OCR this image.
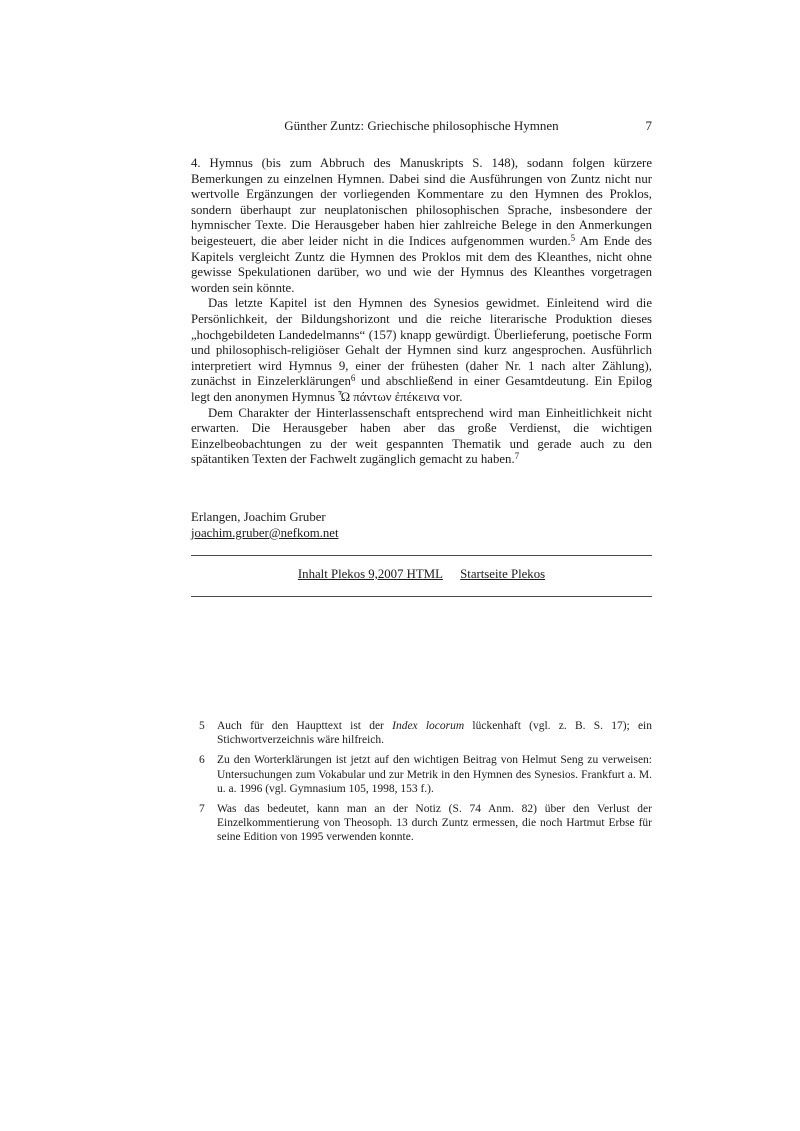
Günther Zuntz: Griechische philosophische Hymnen	7

4. Hymnus (bis zum Abbruch des Manuskripts S. 148), sodann folgen kürzere Bemerkungen zu einzelnen Hymnen. Dabei sind die Ausführungen von Zuntz nicht nur wertvolle Ergänzungen der vorliegenden Kommentare zu den Hymnen des Proklos, sondern überhaupt zur neuplatonischen philosophischen Sprache, insbesondere der hymnischer Texte. Die Herausgeber haben hier zahlreiche Belege in den Anmerkungen beigesteuert, die aber leider nicht in die Indices aufgenommen wurden.$^5$ Am Ende des Kapitels vergleicht Zuntz die Hymnen des Proklos mit dem des Kleanthes, nicht ohne gewisse Spekulationen darüber, wo und wie der Hymnus des Kleanthes vorgetragen worden sein könnte.

Das letzte Kapitel ist den Hymnen des Synesios gewidmet. Einleitend wird die Persönlichkeit, der Bildungshorizont und die reiche literarische Produktion dieses „hochgebildeten Landedelmanns“ (157) knapp gewürdigt. Überlieferung, poetische Form und philosophisch-religiöser Gehalt der Hymnen sind kurz angesprochen. Ausführlich interpretiert wird Hymnus 9, einer der frühesten (daher Nr. 1 nach alter Zählung), zunächst in Einzelerklärungen$^6$ und abschließend in einer Gesamtdeutung. Ein Epilog legt den anonymen Hymnus Ὦ πάντων ἐπέκεινα vor.

Dem Charakter der Hinterlassenschaft entsprechend wird man Einheitlichkeit nicht erwarten. Die Herausgeber haben aber das große Verdienst, die wichtigen Einzelbeobachtungen zu der weit gespannten Thematik und gerade auch zu den spätantiken Texten der Fachwelt zugänglich gemacht zu haben.$^7$

Erlangen, Joachim Gruber
joachim.gruber@nefkom.net
Inhalt Plekos 9,2007 HTML Startseite Plekos
5 Auch für den Haupttext ist der Index locorum lückenhaft (vgl. z. B. S. 17); ein Stichwortverzeichnis wäre hilfreich.
6 Zu den Worterklärungen ist jetzt auf den wichtigen Beitrag von Helmut Seng zu verweisen: Untersuchungen zum Vokabular und zur Metrik in den Hymnen des Synesios. Frankfurt a. M. u. a. 1996 (vgl. Gymnasium 105, 1998, 153 f.).
7 Was das bedeutet, kann man an der Notiz (S. 74 Anm. 82) über den Verlust der Einzelkommentierung von Theosoph. 13 durch Zuntz ermessen, die noch Hartmut Erbse für seine Edition von 1995 verwenden konnte.
